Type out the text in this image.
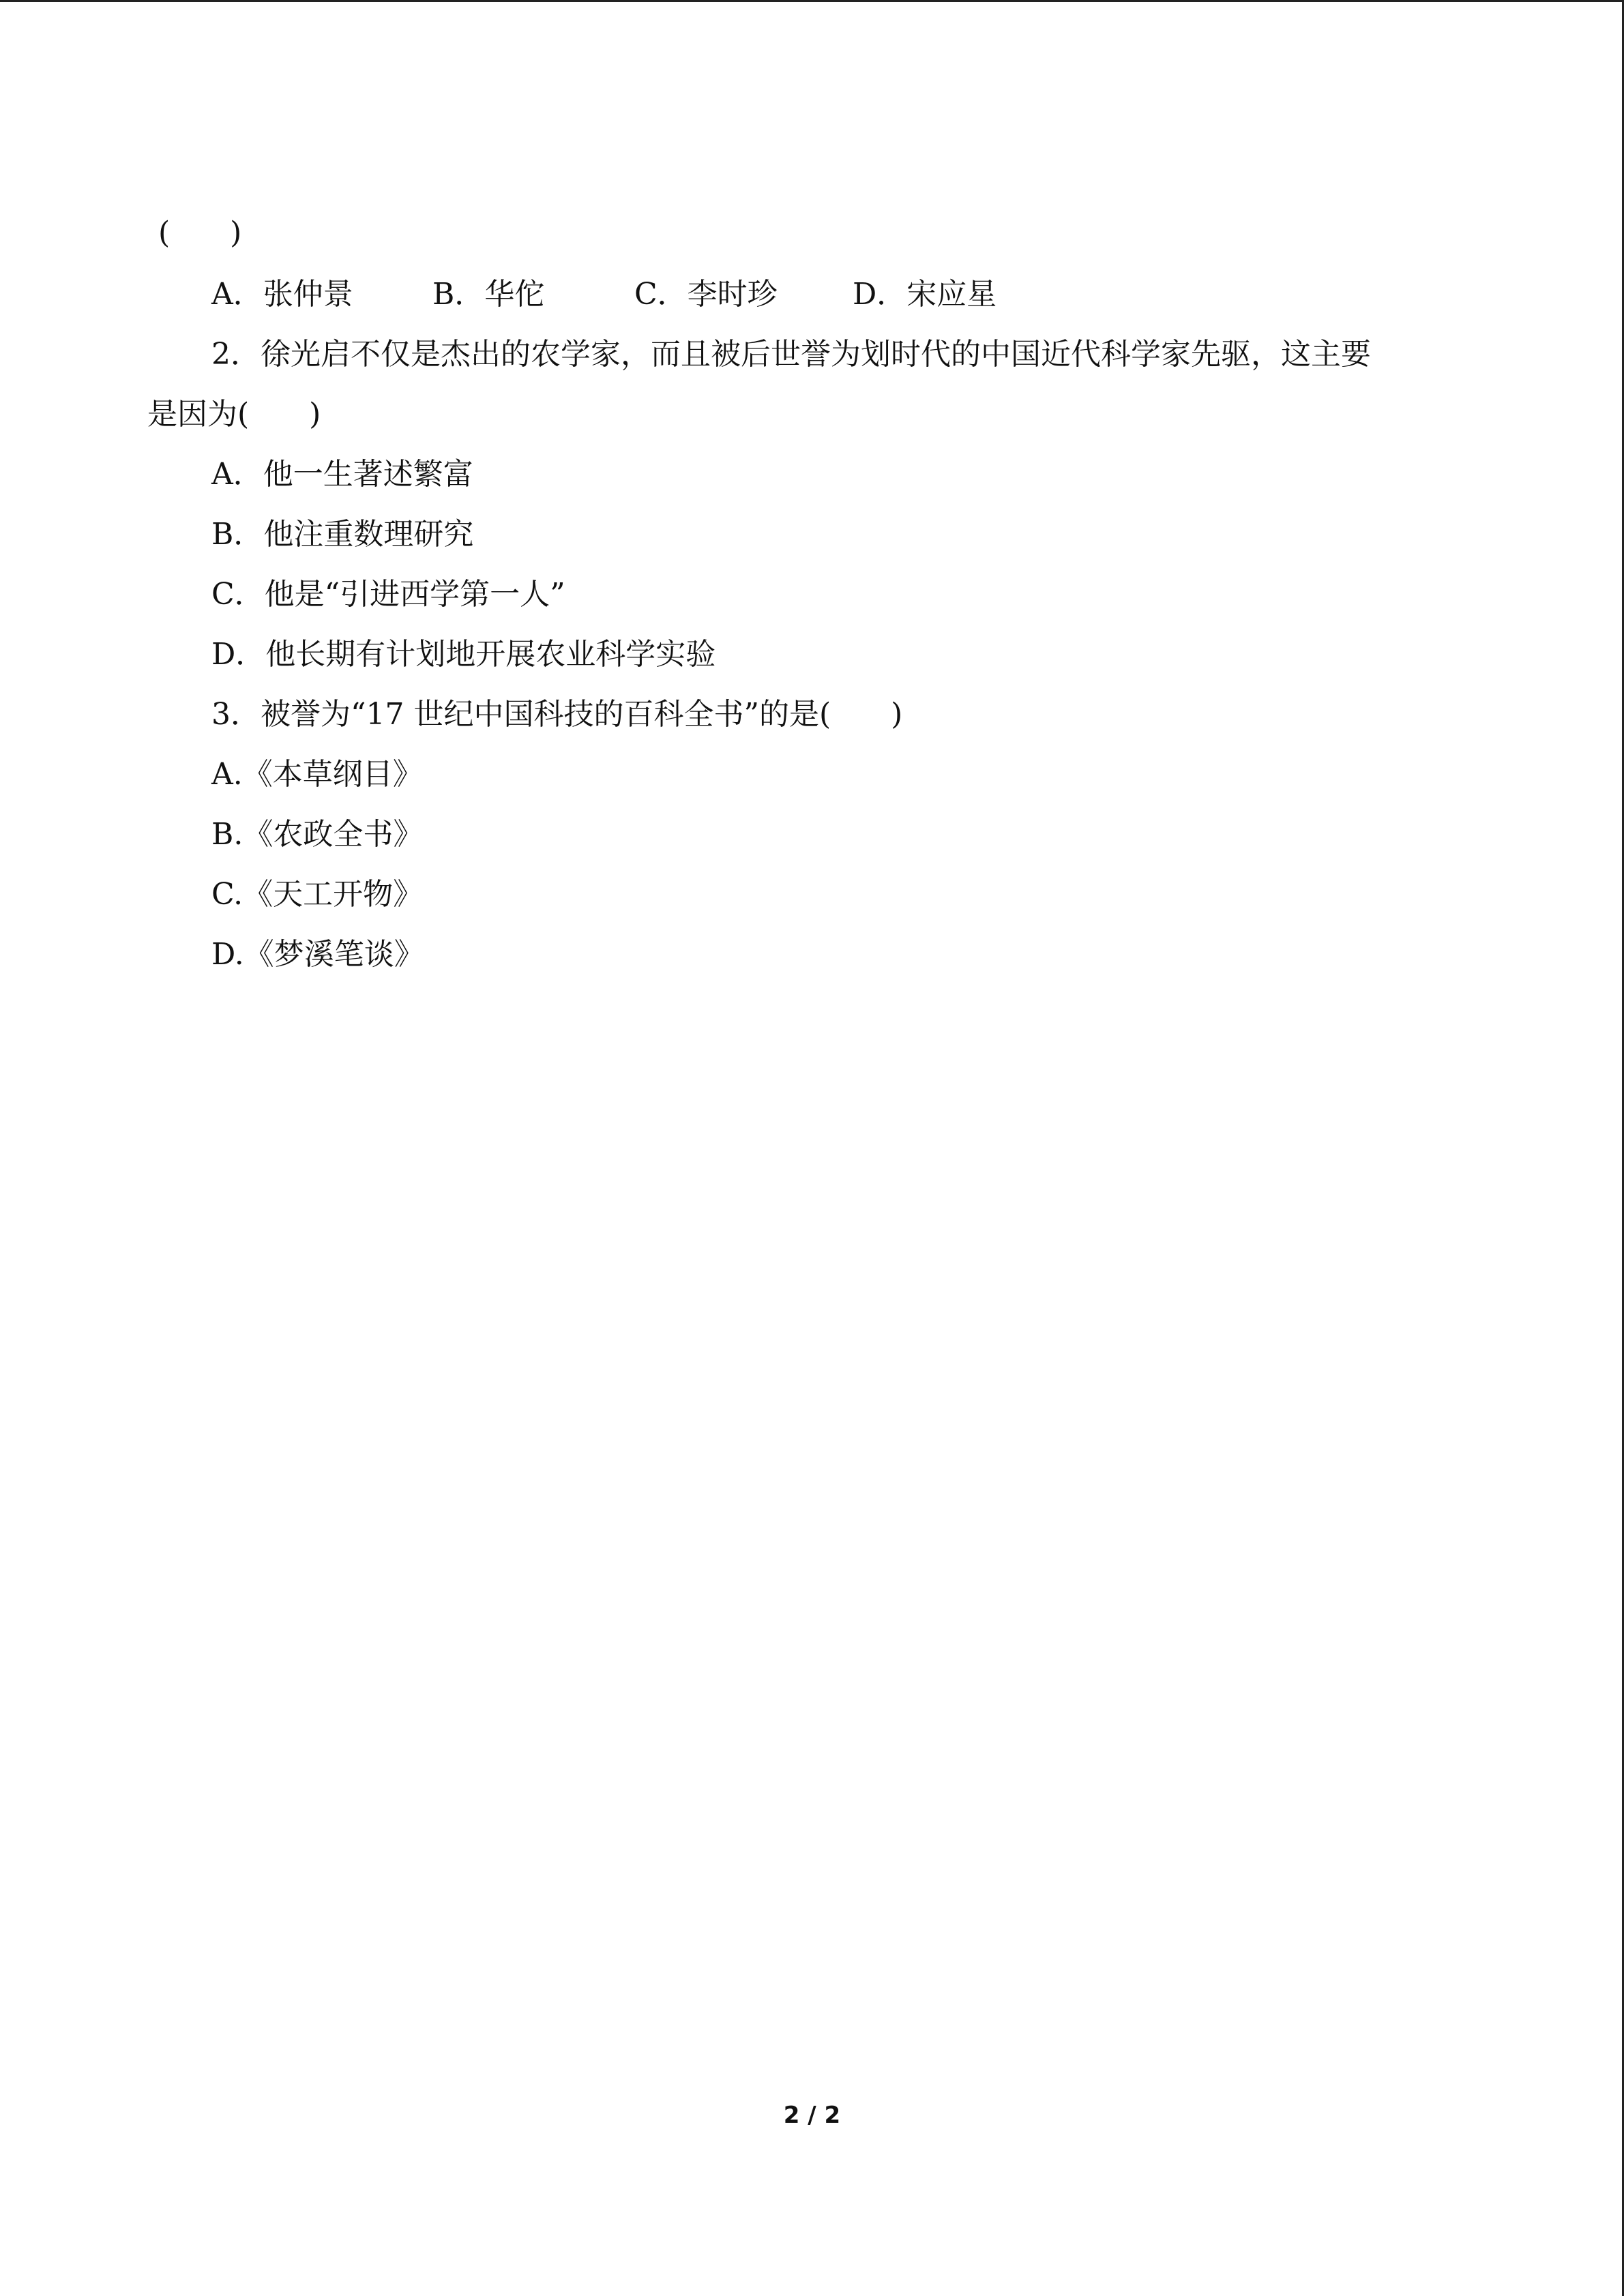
(　　)
A．张仲景	B．华佗	C．李时珍	D．宋应星
2．徐光启不仅是杰出的农学家，而且被后世誉为划时代的中国近代科学家先驱，这主要
是因为(　　)
A．他一生著述繁富
B．他注重数理研究
C．他是“引进西学第一人”
D．他长期有计划地开展农业科学实验
3．被誉为“17 世纪中国科技的百科全书”的是(　　)
A.《本草纲目》
B.《农政全书》
C.《天工开物》
D.《梦溪笔谈》
2 / 2
